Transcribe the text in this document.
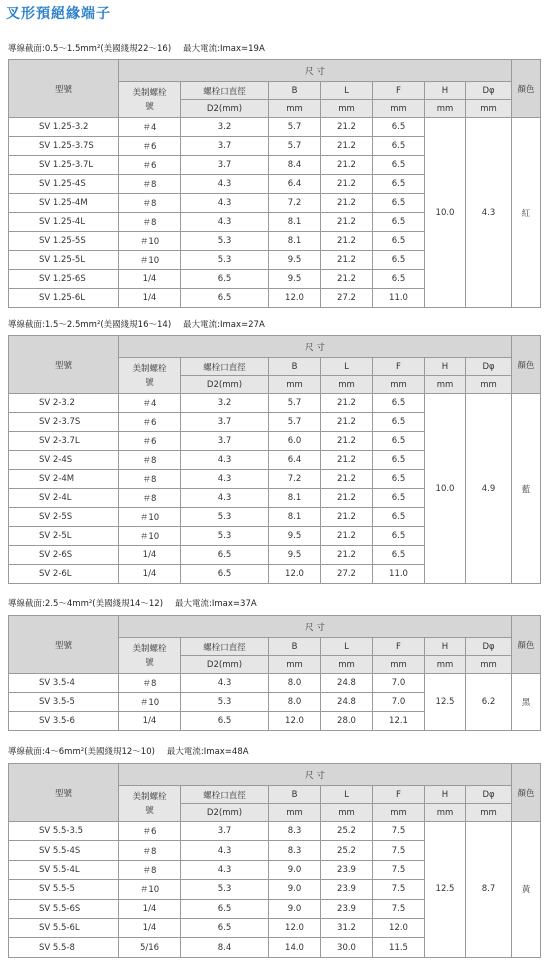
叉形預絕緣端子
導線截面:0.5～1.5mm²(美國綫規22～16) 最大電流:Imax=19A
型號	尺 寸							顏色
	美制螺栓號	螺栓口直徑	B	L	F	H	Dφ	
		D2(mm)	mm	mm	mm	mm	mm	
SV 1.25-3.2	＃4	3.2	5.7	21.2	6.5	10.0	4.3	紅
SV 1.25-3.7S	＃6	3.7	5.7	21.2	6.5			
SV 1.25-3.7L	＃6	3.7	8.4	21.2	6.5			
SV 1.25-4S	＃8	4.3	6.4	21.2	6.5			
SV 1.25-4M	＃8	4.3	7.2	21.2	6.5			
SV 1.25-4L	＃8	4.3	8.1	21.2	6.5			
SV 1.25-5S	＃10	5.3	8.1	21.2	6.5			
SV 1.25-5L	＃10	5.3	9.5	21.2	6.5			
SV 1.25-6S	1/4	6.5	9.5	21.2	6.5			
SV 1.25-6L	1/4	6.5	12.0	27.2	11.0			
導線截面:1.5～2.5mm²(美國綫規16～14) 最大電流:Imax=27A
型號	尺 寸							顏色
	美制螺栓號	螺栓口直徑	B	L	F	H	Dφ	
		D2(mm)	mm	mm	mm	mm	mm	
SV 2-3.2	＃4	3.2	5.7	21.2	6.5	10.0	4.9	藍
SV 2-3.7S	＃6	3.7	5.7	21.2	6.5			
SV 2-3.7L	＃6	3.7	6.0	21.2	6.5			
SV 2-4S	＃8	4.3	6.4	21.2	6.5			
SV 2-4M	＃8	4.3	7.2	21.2	6.5			
SV 2-4L	＃8	4.3	8.1	21.2	6.5			
SV 2-5S	＃10	5.3	8.1	21.2	6.5			
SV 2-5L	＃10	5.3	9.5	21.2	6.5			
SV 2-6S	1/4	6.5	9.5	21.2	6.5			
SV 2-6L	1/4	6.5	12.0	27.2	11.0			
導線截面:2.5～4mm²(美國綫規14～12) 最大電流:Imax=37A
型號	尺 寸							顏色
	美制螺栓號	螺栓口直徑	B	L	F	H	Dφ	
		D2(mm)	mm	mm	mm	mm	mm	
SV 3.5-4	＃8	4.3	8.0	24.8	7.0	12.5	6.2	黑
SV 3.5-5	＃10	5.3	8.0	24.8	7.0			
SV 3.5-6	1/4	6.5	12.0	28.0	12.1			
導線截面:4～6mm²(美國綫規12～10) 最大電流:Imax=48A
型號	尺 寸							顏色
	美制螺栓號	螺栓口直徑	B	L	F	H	Dφ	
		D2(mm)	mm	mm	mm	mm	mm	
SV 5.5-3.5	＃6	3.7	8.3	25.2	7.5	12.5	8.7	黃
SV 5.5-4S	＃8	4.3	8.3	25.2	7.5			
SV 5.5-4L	＃8	4.3	9.0	23.9	7.5			
SV 5.5-5	＃10	5.3	9.0	23.9	7.5			
SV 5.5-6S	1/4	6.5	9.0	23.9	7.5			
SV 5.5-6L	1/4	6.5	12.0	31.2	12.0			
SV 5.5-8	5/16	8.4	14.0	30.0	11.5			
